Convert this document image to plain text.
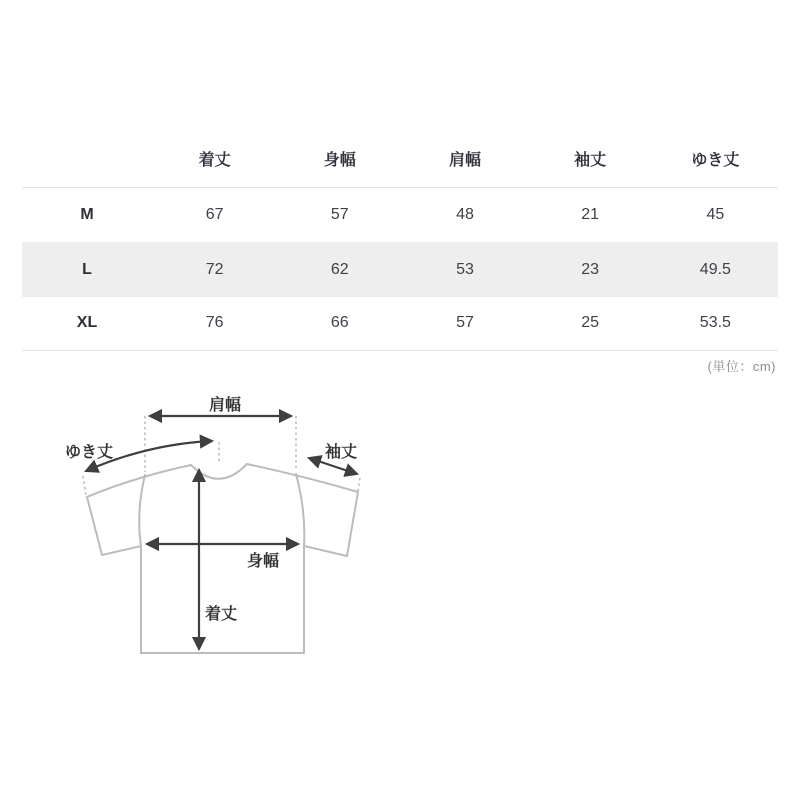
	着丈	身幅	肩幅	袖丈	ゆき丈
M	67	57	48	21	45
L	72	62	53	23	49.5
XL	76	66	57	25	53.5
(単位：cm)
肩幅
ゆき丈	袖丈
身幅
着丈
